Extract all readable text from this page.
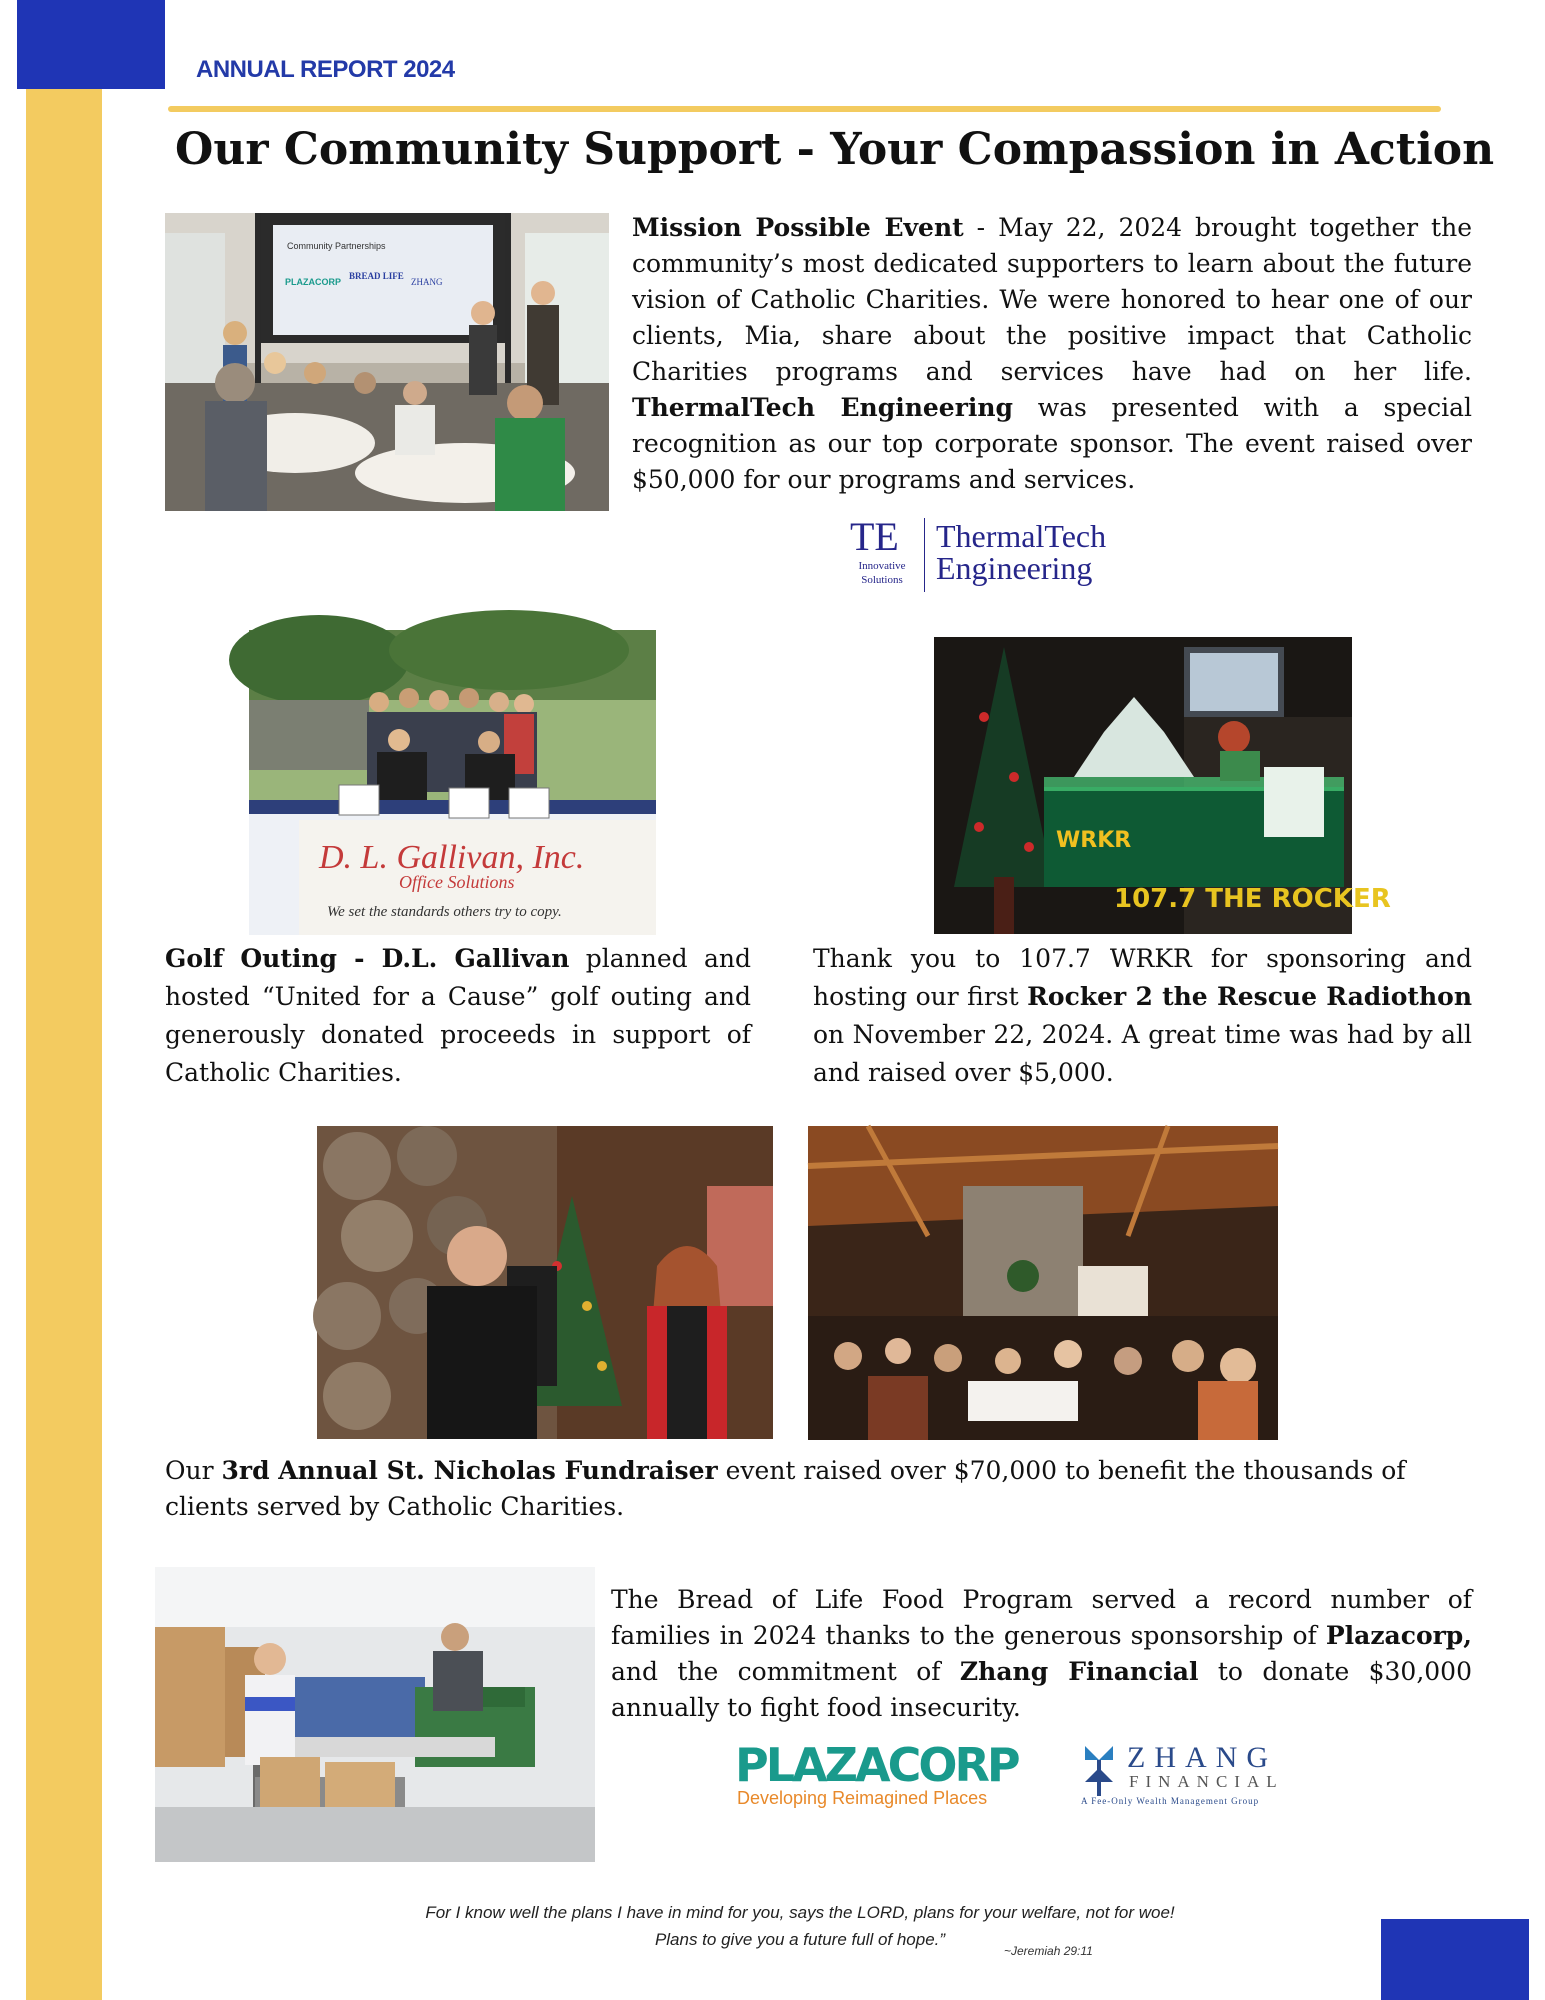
ANNUAL REPORT 2024
Our Community Support - Your Compassion in Action
Community Partnerships
PLAZACORP
BREAD LIFE
ZHANG
Mission Possible Event - May 22, 2024 brought together the community’s most dedicated supporters to learn about the future vision of Catholic Charities. We were honored to hear one of our clients, Mia, share about the positive impact that Catholic Charities programs and services have had on her life. ThermalTech Engineering was presented with a special recognition as our top corporate sponsor. The event raised over $50,000 for our programs and services.
TE
Innovative
Solutions
ThermalTech
Engineering
D. L. Gallivan, Inc.
Office Solutions
We set the standards others try to copy.
WRKR
107.7 THE ROCKER
Golf Outing - D.L. Gallivan planned and hosted “United for a Cause” golf outing and generously donated proceeds in support of Catholic Charities.
Thank you to 107.7 WRKR for sponsoring and hosting our first Rocker 2 the Rescue Radiothon on November 22, 2024. A great time was had by all and raised over $5,000.
Our 3rd Annual St. Nicholas Fundraiser event raised over $70,000 to benefit the thousands of clients served by Catholic Charities.
The Bread of Life Food Program served a record number of families in 2024 thanks to the generous sponsorship of Plazacorp, and the commitment of Zhang Financial to donate $30,000 annually to fight food insecurity.
PLAZACORP
Developing Reimagined Places
ZHANG
FINANCIAL
A Fee-Only Wealth Management Group
For I know well the plans I have in mind for you, says the LORD, plans for your welfare, not for woe!
Plans to give you a future full of hope.”
~Jeremiah 29:11
